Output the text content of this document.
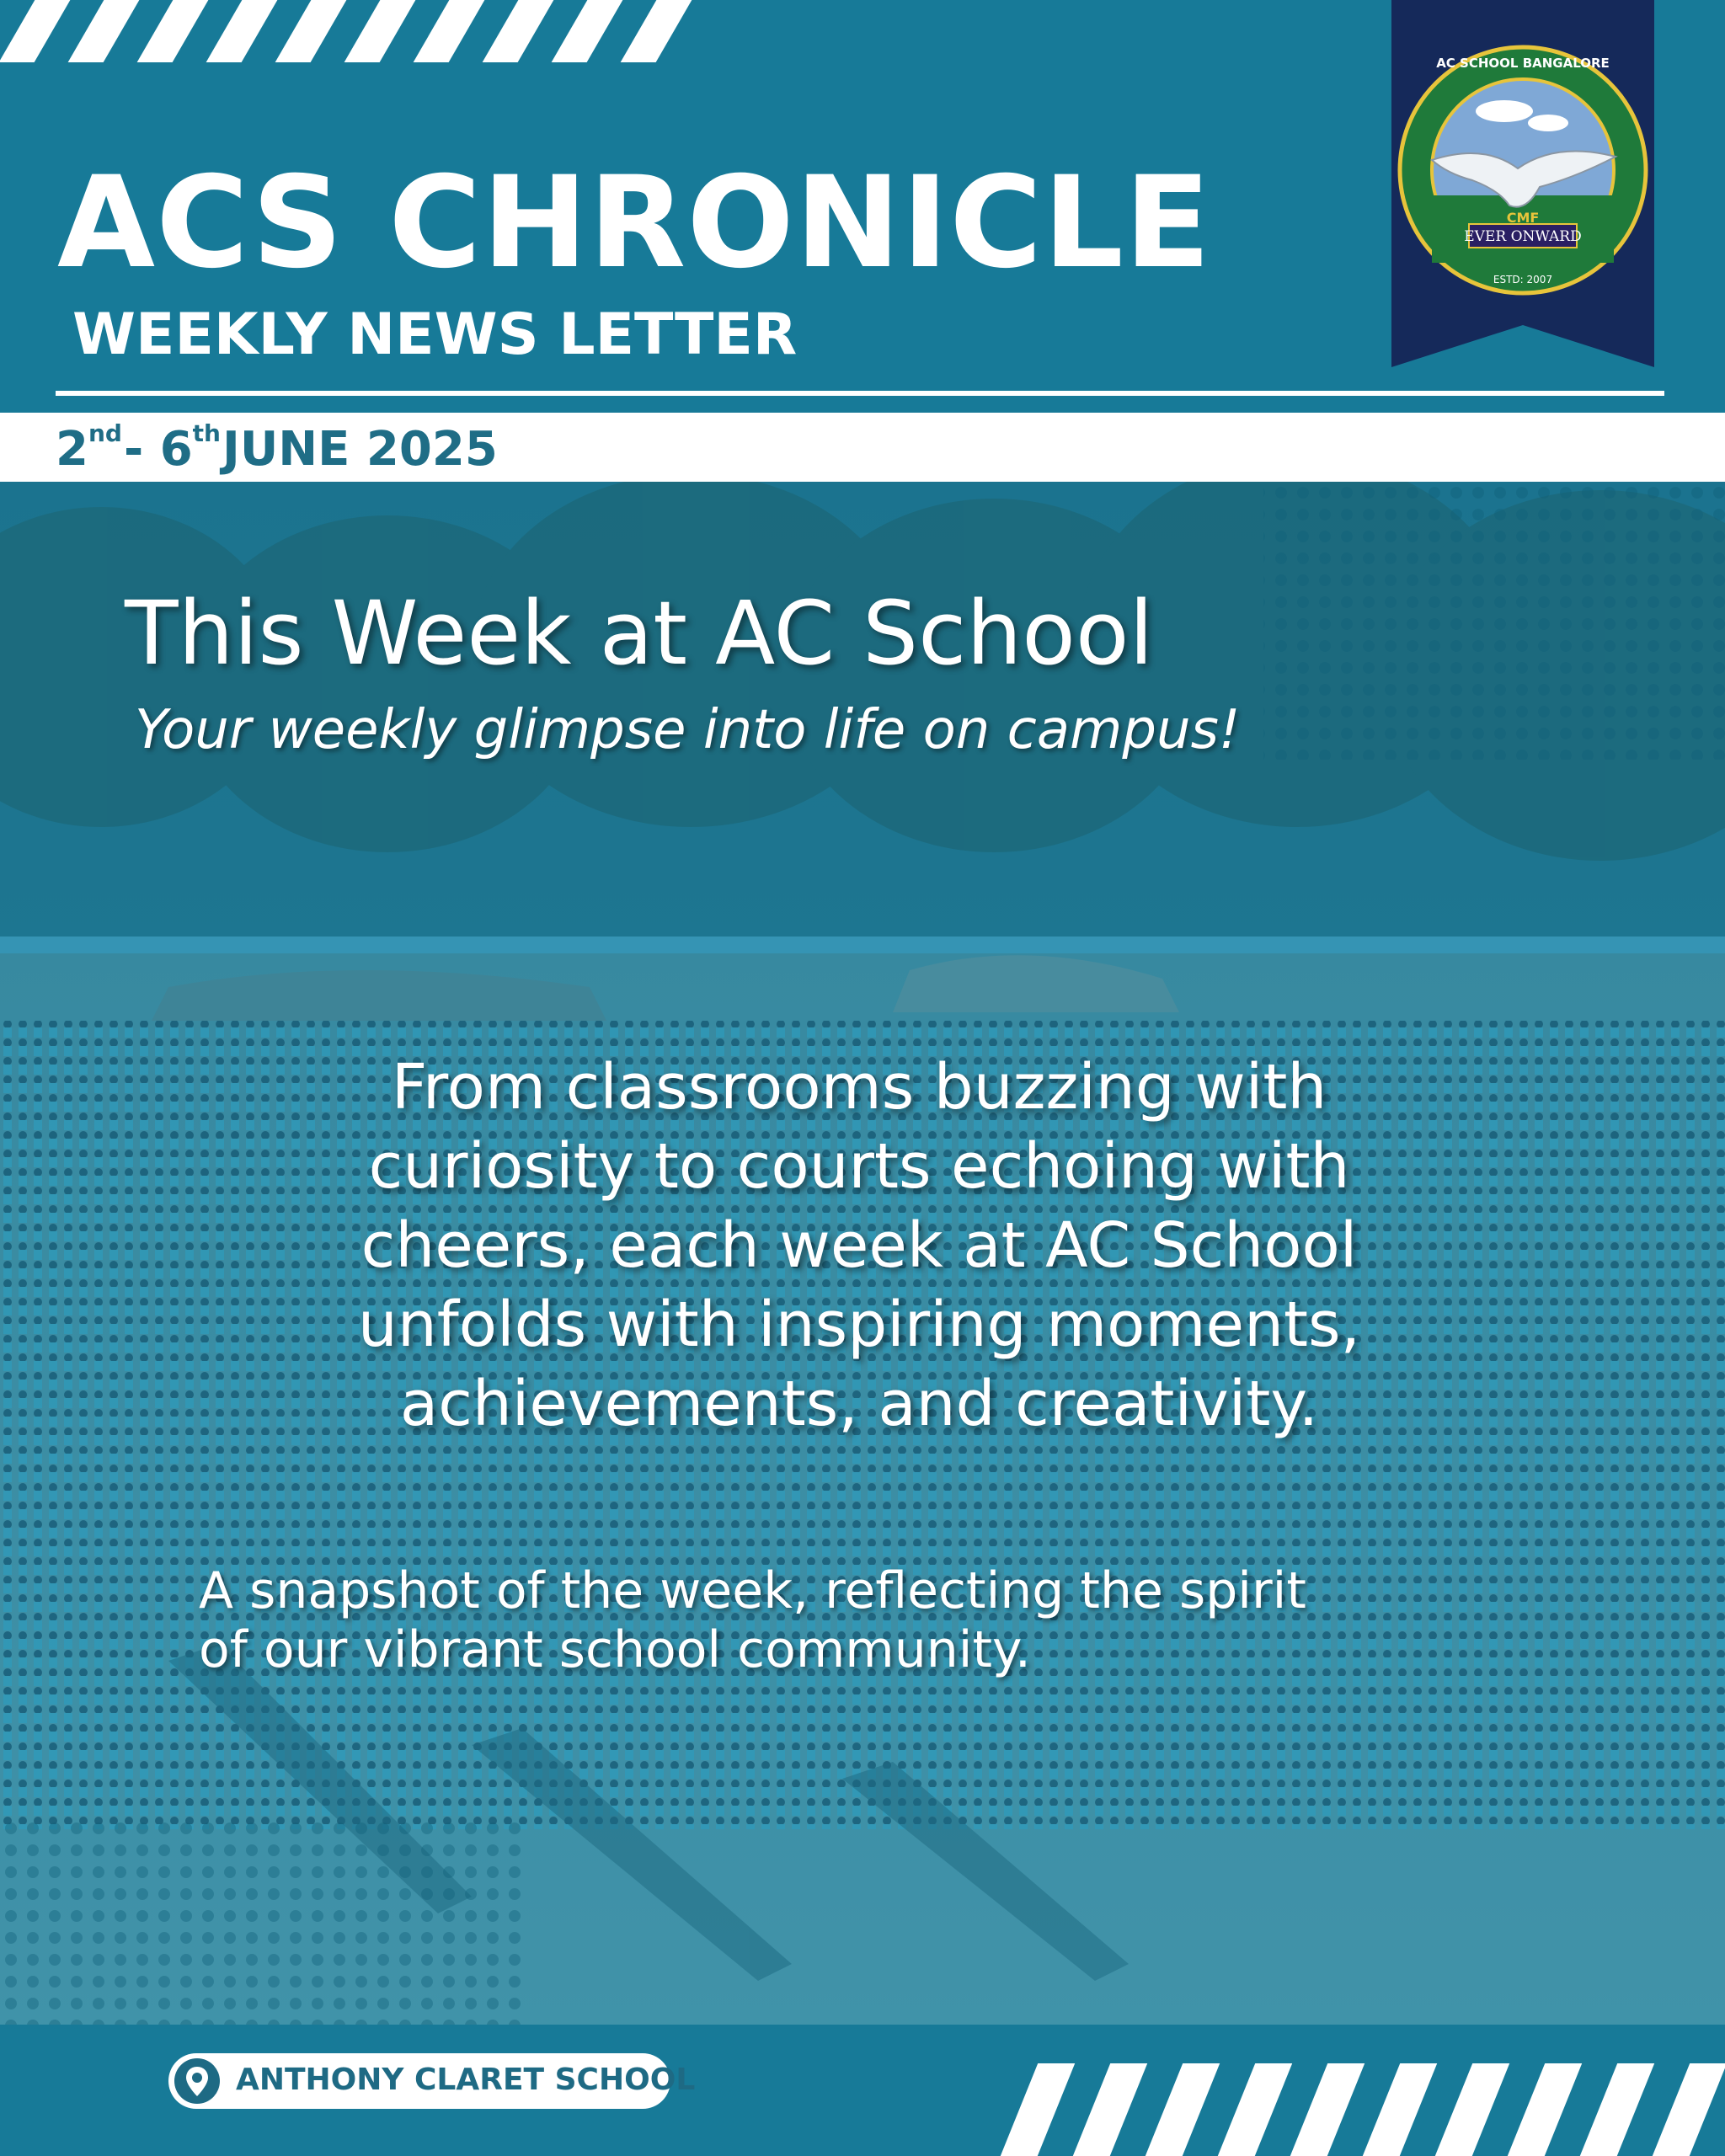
ACS CHRONICLE
WEEKLY NEWS LETTER
2nd- 6thJUNE 2025
CMF
EVER ONWARD
AC SCHOOL BANGALORE
ESTD: 2007
This Week at AC School
Your weekly glimpse into life on campus!
From classrooms buzzing with
curiosity to courts echoing with
cheers, each week at AC School
unfolds with inspiring moments,
achievements, and creativity.
A snapshot of the week, reflecting the spirit
of our vibrant school community.
ANTHONY CLARET SCHOOL
